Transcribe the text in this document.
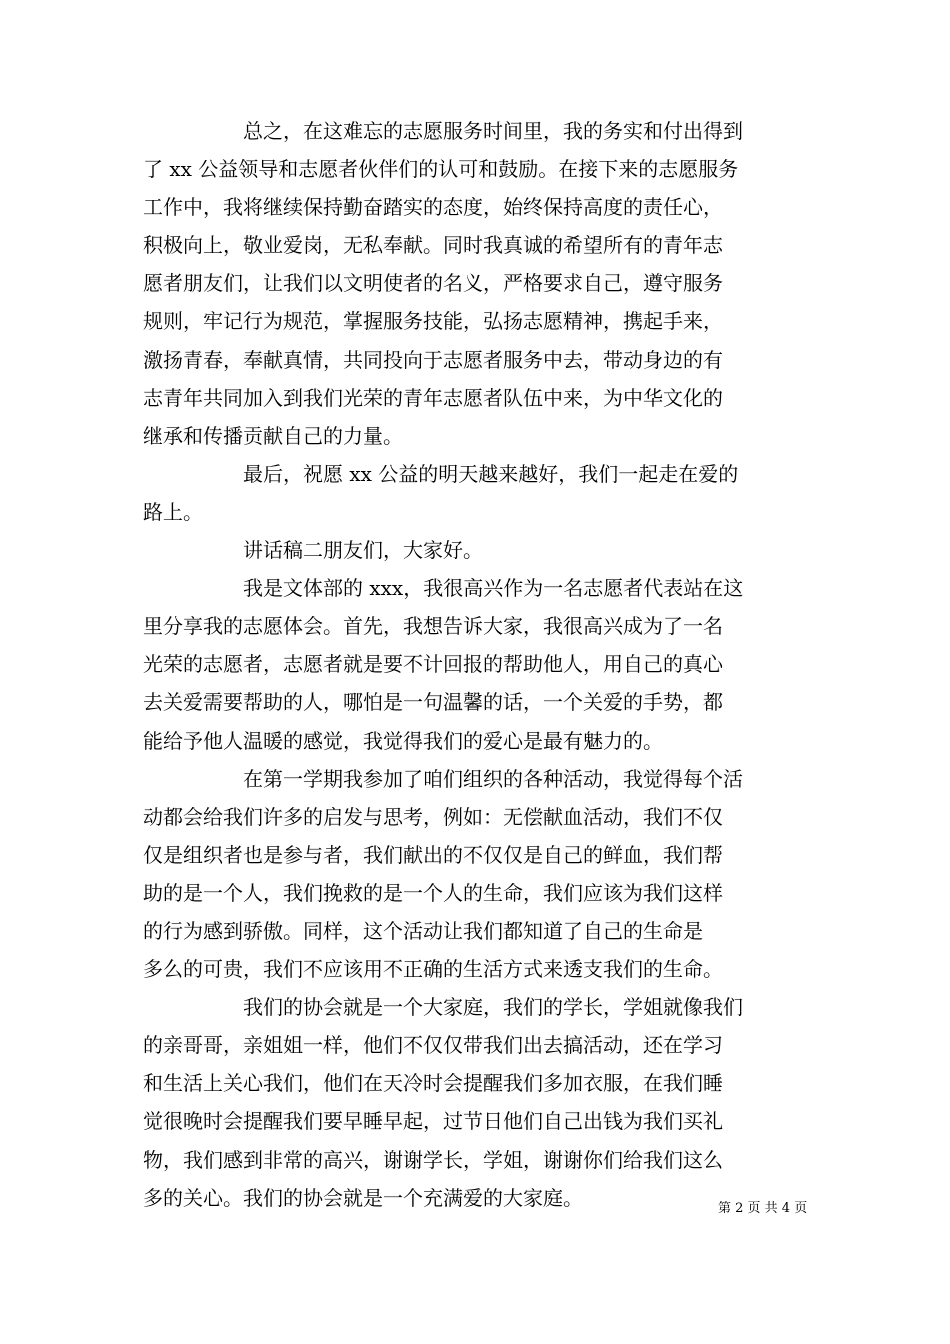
总之，在这难忘的志愿服务时间里，我的务实和付出得到
了 xx 公益领导和志愿者伙伴们的认可和鼓励。在接下来的志愿服务
工作中，我将继续保持勤奋踏实的态度，始终保持高度的责任心，
积极向上，敬业爱岗，无私奉献。同时我真诚的希望所有的青年志
愿者朋友们，让我们以文明使者的名义，严格要求自己，遵守服务
规则，牢记行为规范，掌握服务技能，弘扬志愿精神，携起手来，
激扬青春，奉献真情，共同投向于志愿者服务中去，带动身边的有
志青年共同加入到我们光荣的青年志愿者队伍中来，为中华文化的
继承和传播贡献自己的力量。
最后，祝愿 xx 公益的明天越来越好，我们一起走在爱的
路上。
讲话稿二朋友们，大家好。
我是文体部的 xxx，我很高兴作为一名志愿者代表站在这
里分享我的志愿体会。首先，我想告诉大家，我很高兴成为了一名
光荣的志愿者，志愿者就是要不计回报的帮助他人，用自己的真心
去关爱需要帮助的人，哪怕是一句温馨的话，一个关爱的手势，都
能给予他人温暖的感觉，我觉得我们的爱心是最有魅力的。
在第一学期我参加了咱们组织的各种活动，我觉得每个活
动都会给我们许多的启发与思考，例如：无偿献血活动，我们不仅
仅是组织者也是参与者，我们献出的不仅仅是自己的鲜血，我们帮
助的是一个人，我们挽救的是一个人的生命，我们应该为我们这样
的行为感到骄傲。同样，这个活动让我们都知道了自己的生命是
多么的可贵，我们不应该用不正确的生活方式来透支我们的生命。
我们的协会就是一个大家庭，我们的学长，学姐就像我们
的亲哥哥，亲姐姐一样，他们不仅仅带我们出去搞活动，还在学习
和生活上关心我们，他们在天冷时会提醒我们多加衣服，在我们睡
觉很晚时会提醒我们要早睡早起，过节日他们自己出钱为我们买礼
物，我们感到非常的高兴，谢谢学长，学姐，谢谢你们给我们这么
多的关心。我们的协会就是一个充满爱的大家庭。	第 2 页 共 4 页
